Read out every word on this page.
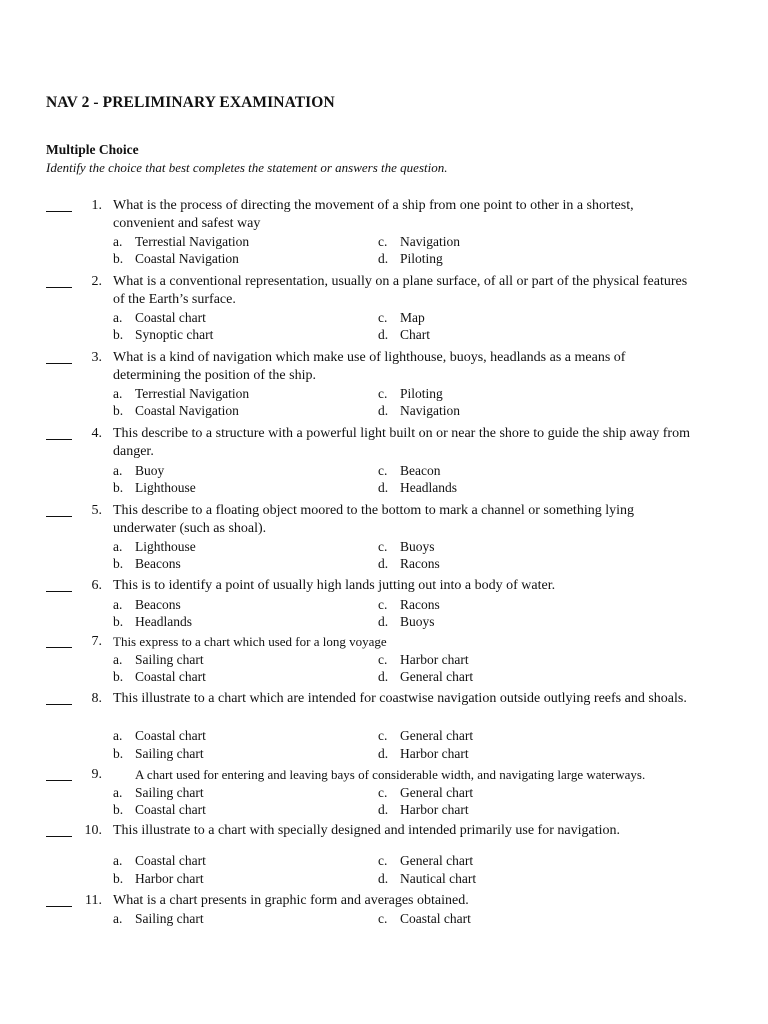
NAV 2 - PRELIMINARY EXAMINATION
Multiple Choice
Identify the choice that best completes the statement or answers the question.
1. What is the process of directing the movement of a ship from one point to other in a shortest, convenient and safest way
a. Terrestial Navigation
b. Coastal Navigation
c. Navigation
d. Piloting
2. What is a conventional representation, usually on a plane surface, of all or part of the physical features of the Earth’s surface.
a. Coastal chart
b. Synoptic chart
c. Map
d. Chart
3. What is a kind of navigation which make use of lighthouse, buoys, headlands as a means of determining the position of the ship.
a. Terrestial Navigation
b. Coastal Navigation
c. Piloting
d. Navigation
4. This describe to a structure with a powerful light built on or near the shore to guide the ship away from danger.
a. Buoy
b. Lighthouse
c. Beacon
d. Headlands
5. This describe to a floating object moored to the bottom to mark a channel or something lying underwater (such as shoal).
a. Lighthouse
b. Beacons
c. Buoys
d. Racons
6. This is to identify a point of usually high lands jutting out into a body of water.
a. Beacons
b. Headlands
c. Racons
d. Buoys
7. This express to a chart which used for a long voyage
a. Sailing chart
b. Coastal chart
c. Harbor chart
d. General chart
8. This illustrate to a chart which are intended for coastwise navigation outside outlying reefs and shoals.
a. Coastal chart
b. Sailing chart
c. General chart
d. Harbor chart
9.	A chart used for entering and leaving bays of considerable width, and navigating large waterways.
a. Sailing chart
b. Coastal chart
c. General chart
d. Harbor chart
10. This illustrate to a chart with specially designed and intended primarily use for navigation.
a. Coastal chart
b. Harbor chart
c. General chart
d. Nautical chart
11. What is a chart presents in graphic form and averages obtained.
a. Sailing chart	c. Coastal chart
